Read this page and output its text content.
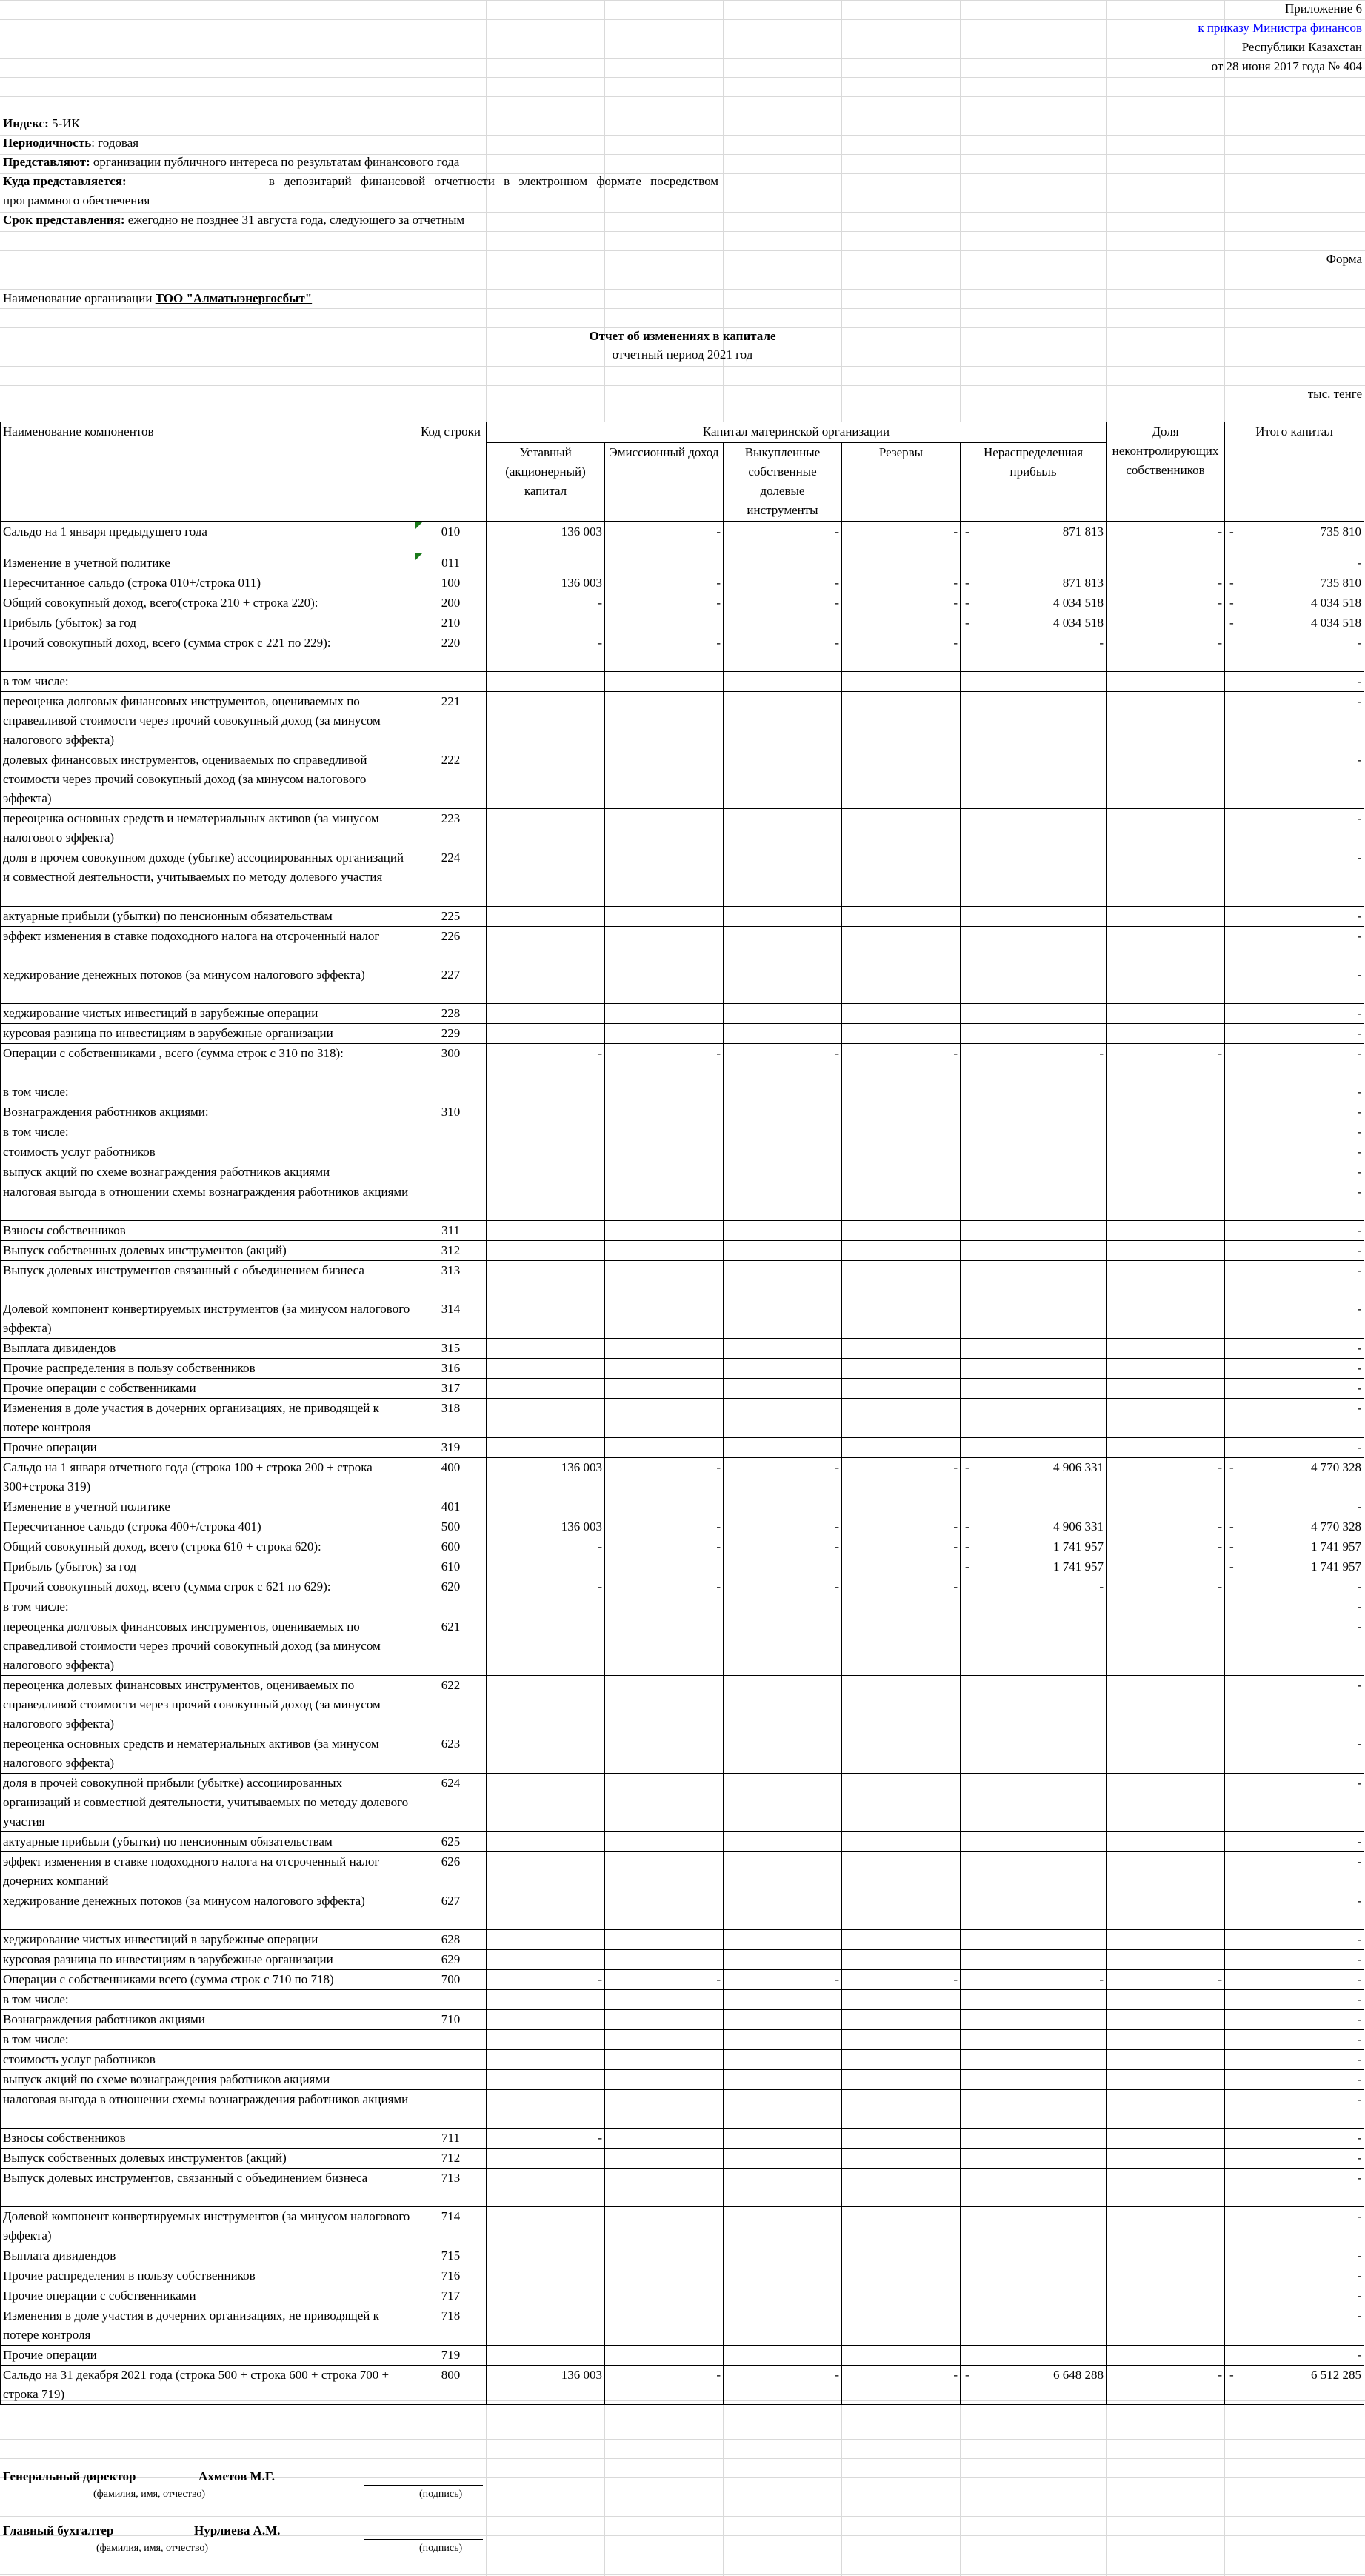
Приложение 6
к приказу Министра финансов
Республики Казахстан
от 28 июня 2017 года № 404
Индекс: 5-ИК
Периодичность: годовая
Представляют: организации публичного интереса по результатам финансового года
Куда представляется:	в депозитарий финансовой отчетности в электронном формате посредством
программного обеспечения
Срок представления: ежегодно не позднее 31 августа года, следующего за отчетным
Форма
Наименование организации ТОО "Алматыэнергосбыт"
Отчет об изменениях в капитале
отчетный период 2021 год
тыс. тенге
Наименование компонентов	Код строки	Капитал материнской организации					Доля неконтролирующих собственников	Итого капитал
		Уставный (акционерный) капитал	Эмиссионный доход	Выкупленные собственные долевые инструменты	Резервы	Нераспределенная прибыль		
Сальдо на 1 января предыдущего года	010	136 003	-	-	-	- 871 813	-	- 735 810

Изменение в учетной политике	011							-

Пересчитанное сальдо (строка 010+/строка 011)	100	136 003	-	-	-	- 871 813	-	- 735 810

Общий совокупный доход, всего(строка 210 + строка 220):	200	-	-	-	-	- 4 034 518	-	- 4 034 518

Прибыль (убыток) за год	210					- 4 034 518		- 4 034 518

Прочий совокупный доход, всего (сумма строк с 221 по 229):	220	-	-	-	-	-	-	-

в том числе:								-

переоценка долговых финансовых инструментов, оцениваемых по справедливой стоимости через прочий совокупный доход (за минусом налогового эффекта)	221							-

долевых финансовых инструментов, оцениваемых по справедливой стоимости через прочий совокупный доход (за минусом налогового эффекта)	222							-

переоценка основных средств и нематериальных активов (за минусом налогового эффекта)	223							-

доля в прочем совокупном доходе (убытке) ассоциированных организаций и совместной деятельности, учитываемых по методу долевого участия	224							-

актуарные прибыли (убытки) по пенсионным обязательствам	225							-

эффект изменения в ставке подоходного налога на отсроченный налог	226							-

хеджирование денежных потоков (за минусом налогового эффекта)	227							-

хеджирование чистых инвестиций в зарубежные операции	228							-

курсовая разница по инвестициям в зарубежные организации	229							-

Операции с собственниками , всего (сумма строк с 310 по 318):	300	-	-	-	-	-	-	-

в том числе:								-

Вознаграждения работников акциями:	310							-

в том числе:								-

стоимость услуг работников								-

выпуск акций по схеме вознаграждения работников акциями								-

налоговая выгода в отношении схемы вознаграждения работников акциями								-

Взносы собственников	311							-

Выпуск собственных долевых инструментов (акций)	312							-

Выпуск долевых инструментов связанный с объединением бизнеса	313							-

Долевой компонент конвертируемых инструментов (за минусом налогового эффекта)	314							-

Выплата дивидендов	315							-

Прочие распределения в пользу собственников	316							-

Прочие операции с собственниками	317							-

Изменения в доле участия в дочерних организациях, не приводящей к потере контроля	318							-

Прочие операции	319							-

Сальдо на 1 января отчетного года (строка 100 + строка 200 + строка 300+строка 319)	400	136 003	-	-	-	- 4 906 331	-	- 4 770 328

Изменение в учетной политике	401							-

Пересчитанное сальдо (строка 400+/строка 401)	500	136 003	-	-	-	- 4 906 331	-	- 4 770 328

Общий совокупный доход, всего (строка 610 + строка 620):	600	-	-	-	-	- 1 741 957	-	- 1 741 957

Прибыль (убыток) за год	610					- 1 741 957		- 1 741 957

Прочий совокупный доход, всего (сумма строк с 621 по 629):	620	-	-	-	-	-	-	-

в том числе:								-

переоценка долговых финансовых инструментов, оцениваемых по справедливой стоимости через прочий совокупный доход (за минусом налогового эффекта)	621							-

переоценка долевых финансовых инструментов, оцениваемых по справедливой стоимости через прочий совокупный доход (за минусом налогового эффекта)	622							-

переоценка основных средств и нематериальных активов (за минусом налогового эффекта)	623							-

доля в прочей совокупной прибыли (убытке) ассоциированных организаций и совместной деятельности, учитываемых по методу долевого участия	624							-

актуарные прибыли (убытки) по пенсионным обязательствам	625							-

эффект изменения в ставке подоходного налога на отсроченный налог дочерних компаний	626							-

хеджирование денежных потоков (за минусом налогового эффекта)	627							-

хеджирование чистых инвестиций в зарубежные операции	628							-

курсовая разница по инвестициям в зарубежные организации	629							-

Операции с собственниками всего (сумма строк с 710 по 718)	700	-	-	-	-	-	-	-

в том числе:								-

Вознаграждения работников акциями	710							-

в том числе:								-

стоимость услуг работников								-

выпуск акций по схеме вознаграждения работников акциями								-

налоговая выгода в отношении схемы вознаграждения работников акциями								-

Взносы собственников	711	-						-

Выпуск собственных долевых инструментов (акций)	712							-

Выпуск долевых инструментов, связанный с объединением бизнеса	713							-

Долевой компонент конвертируемых инструментов (за минусом налогового эффекта)	714							-

Выплата дивидендов	715							-

Прочие распределения в пользу собственников	716							-

Прочие операции с собственниками	717							-

Изменения в доле участия в дочерних организациях, не приводящей к потере контроля	718							-

Прочие операции	719							-

Сальдо на 31 декабря 2021 года (строка 500 + строка 600 + строка 700 + строка 719)	800	136 003	-	-	-	- 6 648 288	-	- 6 512 285
Генеральный директор	Ахметов М.Г.
(фамилия, имя, отчество)	(подпись)
Главный бухгалтер	Нурлиева А.М.
(фамилия, имя, отчество)	(подпись)
